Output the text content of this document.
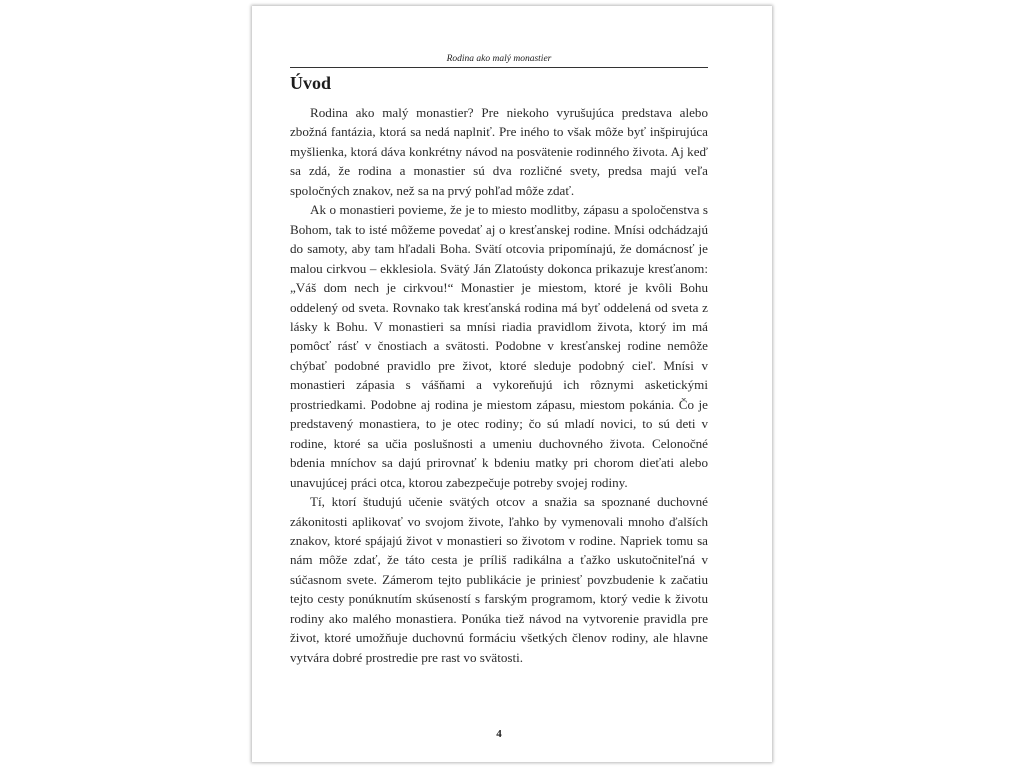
Rodina ako malý monastier
Úvod

Rodina ako malý monastier? Pre niekoho vyrušujúca predstava alebo zbožná fantázia, ktorá sa nedá naplniť. Pre iného to však môže byť inšpirujúca myšlienka, ktorá dáva konkrétny návod na posvätenie rodinného života. Aj keď sa zdá, že rodina a monastier sú dva rozličné svety, predsa majú veľa spoločných znakov, než sa na prvý pohľad môže zdať.

Ak o monastieri povieme, že je to miesto modlitby, zápasu a spoločenstva s Bohom, tak to isté môžeme povedať aj o kresťanskej rodine. Mnísi odchádzajú do samoty, aby tam hľadali Boha. Svätí otcovia pripomínajú, že domácnosť je malou cirkvou – ekklesiola. Svätý Ján Zlatoústy dokonca prikazuje kresťanom: „Váš dom nech je cirkvou!“ Monastier je miestom, ktoré je kvôli Bohu oddelený od sveta. Rovnako tak kresťanská rodina má byť oddelená od sveta z lásky k Bohu. V monastieri sa mnísi riadia pravidlom života, ktorý im má pomôcť rásť v čnostiach a svätosti. Podobne v kresťanskej rodine nemôže chýbať podobné pravidlo pre život, ktoré sleduje podobný cieľ. Mnísi v monastieri zápasia s vášňami a vykoreňujú ich rôznymi asketickými prostriedkami. Podobne aj rodina je miestom zápasu, miestom pokánia. Čo je predstavený monastiera, to je otec rodiny; čo sú mladí novici, to sú deti v rodine, ktoré sa učia poslušnosti a umeniu duchovného života. Celonočné bdenia mníchov sa dajú prirovnať k bdeniu matky pri chorom dieťati alebo unavujúcej práci otca, ktorou zabezpečuje potreby svojej rodiny.

Tí, ktorí študujú učenie svätých otcov a snažia sa spoznané duchovné zákonitosti aplikovať vo svojom živote, ľahko by vymenovali mnoho ďalších znakov, ktoré spájajú život v monastieri so životom v rodine. Napriek tomu sa nám môže zdať, že táto cesta je príliš radikálna a ťažko uskutočniteľná v súčasnom svete. Zámerom tejto publikácie je priniesť povzbudenie k začatiu tejto cesty ponúknutím skúseností s farským programom, ktorý vedie k životu rodiny ako malého monastiera. Ponúka tiež návod na vytvorenie pravidla pre život, ktoré umožňuje duchovnú formáciu všetkých členov rodiny, ale hlavne vytvára dobré prostredie pre rast vo svätosti.

4
